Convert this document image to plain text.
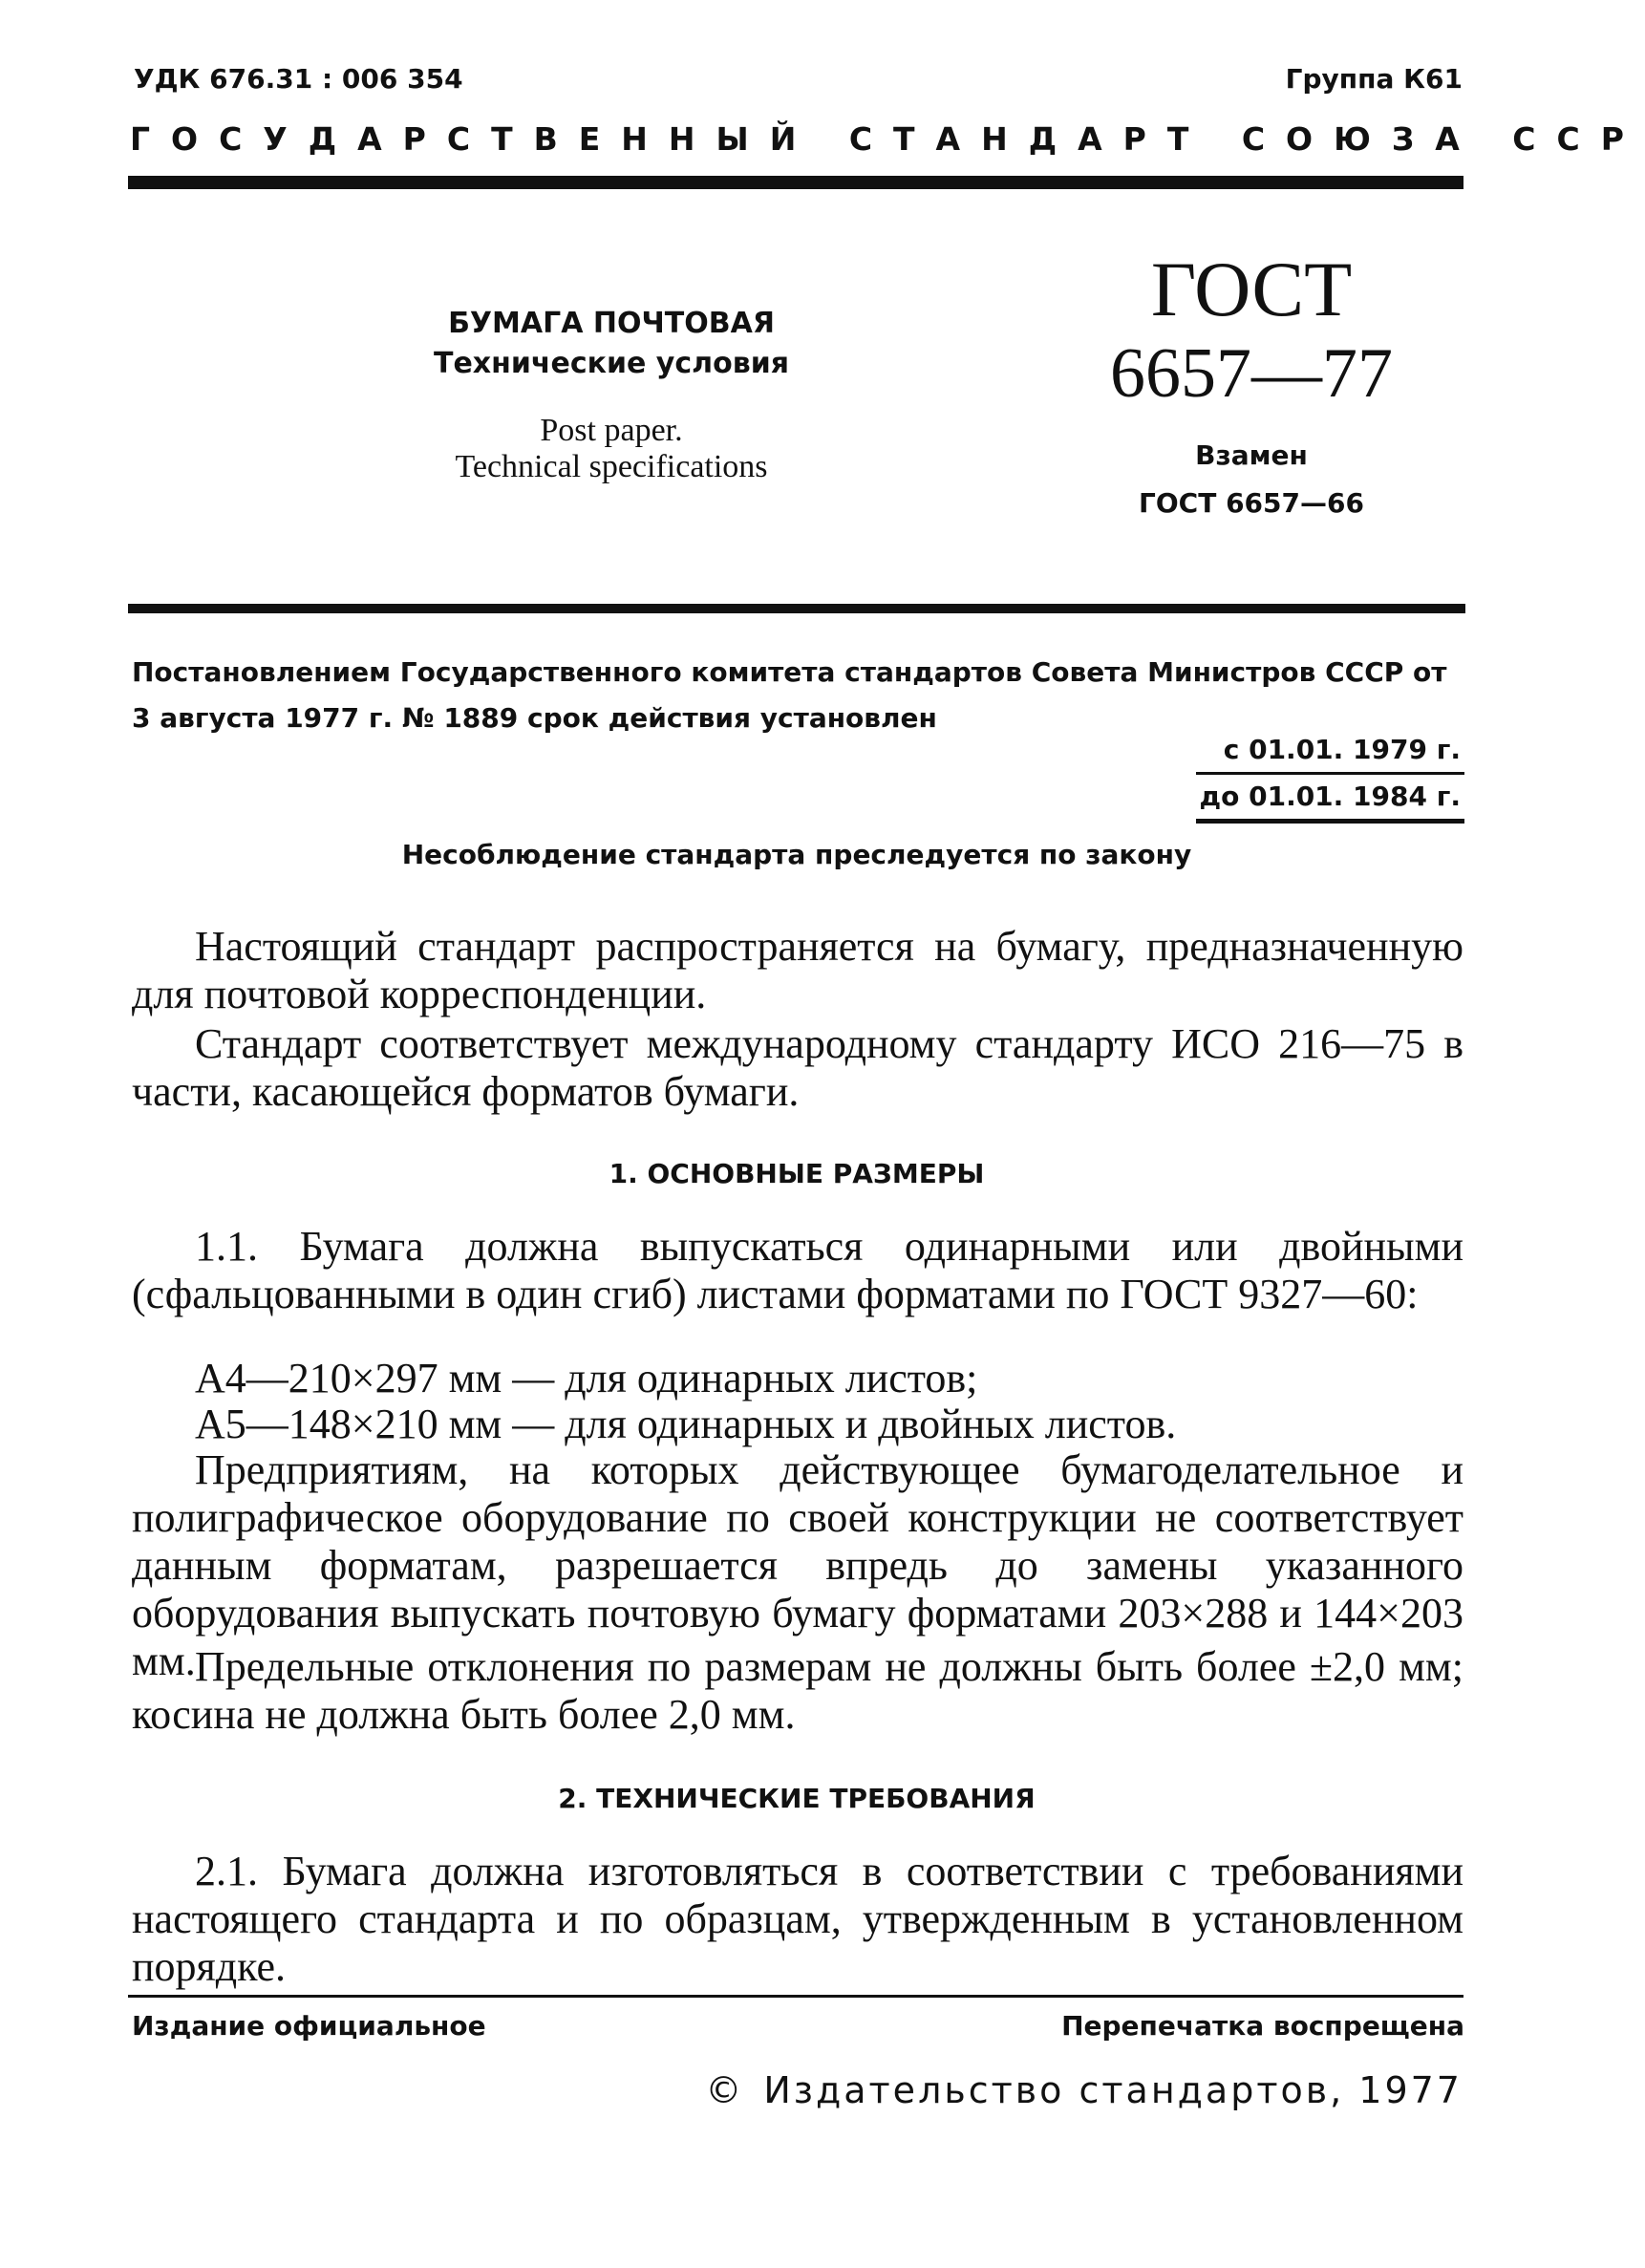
УДК 676.31 : 006 354	Группа К61
ГОСУДАРСТВЕННЫЙ СТАНДАРТ СОЮЗА ССР
БУМАГА ПОЧТОВАЯ
Технические условия
Post paper.
Technical specifications
ГОСТ
6657—77
Взамен
ГОСТ 6657—66
Постановлением Государственного комитета стандартов Совета Министров СССР от 3 августа 1977 г. № 1889 срок действия установлен
с 01.01. 1979 г.
до 01.01. 1984 г.
Несоблюдение стандарта преследуется по закону
Настоящий стандарт распространяется на бумагу, предназначенную для почтовой корреспонденции.
Стандарт соответствует международному стандарту ИСО 216—75 в части, касающейся форматов бумаги.
1. ОСНОВНЫЕ РАЗМЕРЫ
1.1. Бумага должна выпускаться одинарными или двойными (сфальцованными в один сгиб) листами форматами по ГОСТ 9327—60:
А4—210×297 мм — для одинарных листов;
А5—148×210 мм — для одинарных и двойных листов.
Предприятиям, на которых действующее бумагоделательное и полиграфическое оборудование по своей конструкции не соответствует данным форматам, разрешается впредь до замены указанного оборудования выпускать почтовую бумагу форматами 203×288 и 144×203 мм. Предельные отклонения по размерам не должны быть более ±2,0 мм; косина не должна быть более 2,0 мм.
2. ТЕХНИЧЕСКИЕ ТРЕБОВАНИЯ
2.1. Бумага должна изготовляться в соответствии с требованиями настоящего стандарта и по образцам, утвержденным в установленном порядке.
Издание официальное	Перепечатка воспрещена
© Издательство стандартов, 1977
